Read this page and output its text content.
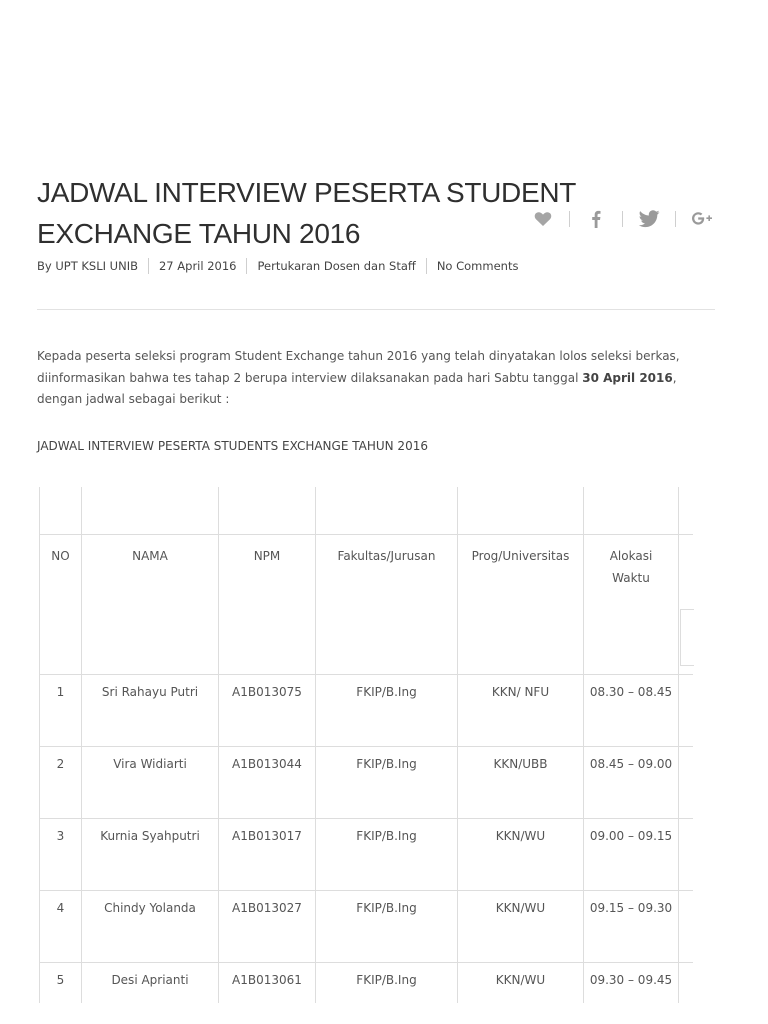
JADWAL INTERVIEW PESERTA STUDENT EXCHANGE TAHUN 2016
By UPT KSLI UNIB 27 April 2016 Pertukaran Dosen dan Staff No Comments

Kepada peserta seleksi program Student Exchange tahun 2016 yang telah dinyatakan lolos seleksi berkas, diinformasikan bahwa tes tahap 2 berupa interview dilaksanakan pada hari Sabtu tanggal 30 April 2016, dengan jadwal sebagai berikut :

JADWAL INTERVIEW PESERTA STUDENTS EXCHANGE TAHUN 2016

NO	NAMA	NPM	Fakultas/Jurusan	Prog/Universitas	Alokasi Waktu	
1	Sri Rahayu Putri	A1B013075	FKIP/B.Ing	KKN/ NFU	08.30 – 08.45	
2	Vira Widiarti	A1B013044	FKIP/B.Ing	KKN/UBB	08.45 – 09.00	
3	Kurnia Syahputri	A1B013017	FKIP/B.Ing	KKN/WU	09.00 – 09.15	
4	Chindy Yolanda	A1B013027	FKIP/B.Ing	KKN/WU	09.15 – 09.30	
5	Desi Aprianti	A1B013061	FKIP/B.Ing	KKN/WU	09.30 – 09.45	
